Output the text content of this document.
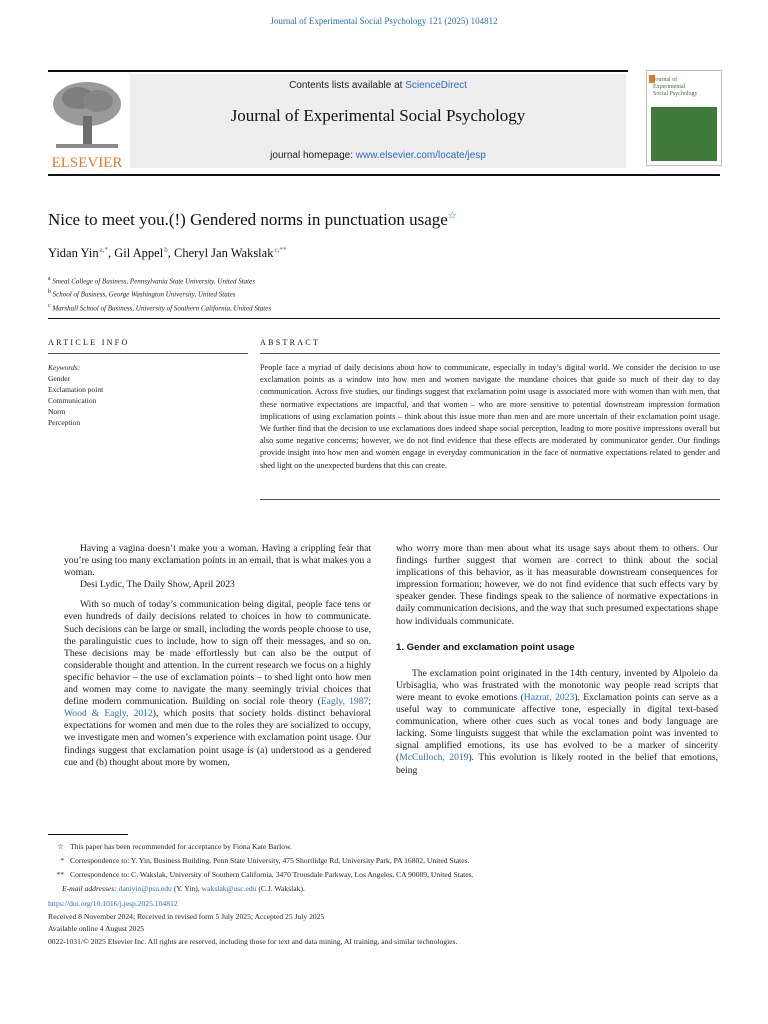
Journal of Experimental Social Psychology 121 (2025) 104812
ELSEVIER
Contents lists available at ScienceDirect
Journal of Experimental Social Psychology
journal homepage: www.elsevier.com/locate/jesp
Journal of
Experimental
Social Psychology
Nice to meet you.(!) Gendered norms in punctuation usage☆
Yidan Yin $^{a,*}$, Gil Appel $^b$, Cheryl Jan Wakslak $^{c,**}$
$^a$ Smeal College of Business, Pennsylvania State University, United States
$^b$ School of Business, George Washington University, United States
$^c$ Marshall School of Business, University of Southern California, United States
ARTICLE INFO	ABSTRACT
Keywords:
Gender
Exclamation point
Communication
Norm
Perception
People face a myriad of daily decisions about how to communicate, especially in today’s digital world. We consider the decision to use exclamation points as a window into how men and women navigate the mundane choices that guide so much of their day to day communication. Across five studies, our findings suggest that exclamation point usage is associated more with women than with men, that these normative expectations are impactful, and that women – who are more sensitive to potential downstream impression formation implications of using exclamation points – think about this issue more than men and are more uncertain of their exclamation point usage. We further find that the decision to use exclamations does indeed shape social perception, leading to more positive impressions overall but also some negative concerns; however, we do not find evidence that these effects are moderated by communicator gender. Our findings provide insight into how men and women engage in everyday communication in the face of normative expectations related to gender and shed light on the unexpected burdens that this can create.

Having a vagina doesn’t make you a woman. Having a crippling fear that you’re using too many exclamation points in an email, that is what makes you a woman.

Desi Lydic, The Daily Show, April 2023

With so much of today’s communication being digital, people face tens or even hundreds of daily decisions related to choices in how to communicate. Such decisions can be large or small, including the words people choose to use, the paralinguistic cues to include, how to sign off their messages, and so on. These decisions may be made effortlessly but can also be the output of considerable thought and attention. In the current research we focus on a highly specific behavior – the use of exclamation points – to shed light onto how men and women may come to navigate the many seemingly trivial choices that define modern communication. Building on social role theory (Eagly, 1987; Wood & Eagly, 2012), which posits that society holds distinct behavioral expectations for women and men due to the roles they are socialized to occupy, we investigate men and women’s experience with exclamation point usage. Our findings suggest that exclamation point usage is (a) understood as a gendered cue and (b) thought about more by women,

who worry more than men about what its usage says about them to others. Our findings further suggest that women are correct to think about the social implications of this behavior, as it has measurable downstream consequences for impression formation; however, we do not find evidence that such effects vary by speaker gender. These findings speak to the salience of normative expectations in daily communication decisions, and the way that such presumed expectations shape how individuals communicate.

1. Gender and exclamation point usage

The exclamation point originated in the 14th century, invented by Alpoleio da Urbisaglia, who was frustrated with the monotonic way people read scripts that were meant to evoke emotions (Hazrat, 2023). Exclamation points can serve as a useful way to communicate affective tone, especially in digital text-based communication, where other cues such as vocal tones and body language are lacking. Some linguists suggest that while the exclamation point was invented to signal amplified emotions, its use has evolved to be a marker of sincerity (McCulloch, 2019). This evolution is likely rooted in the belief that emotions, being

☆ This paper has been recommended for acceptance by Fiona Kate Barlow.
* Correspondence to: Y. Yin, Business Building, Penn State University, 475 Shortlidge Rd, University Park, PA 16802, United States.
** Correspondence to: C. Wakslak, University of Southern California, 3470 Trousdale Parkway, Los Angeles, CA 90089, United States.
E-mail addresses: daniyin@psu.edu (Y. Yin), wakslak@usc.edu (C.J. Wakslak).
https://doi.org/10.1016/j.jesp.2025.104812
Received 8 November 2024; Received in revised form 5 July 2025; Accepted 25 July 2025
Available online 4 August 2025
0022-1031/© 2025 Elsevier Inc. All rights are reserved, including those for text and data mining, AI training, and similar technologies.
